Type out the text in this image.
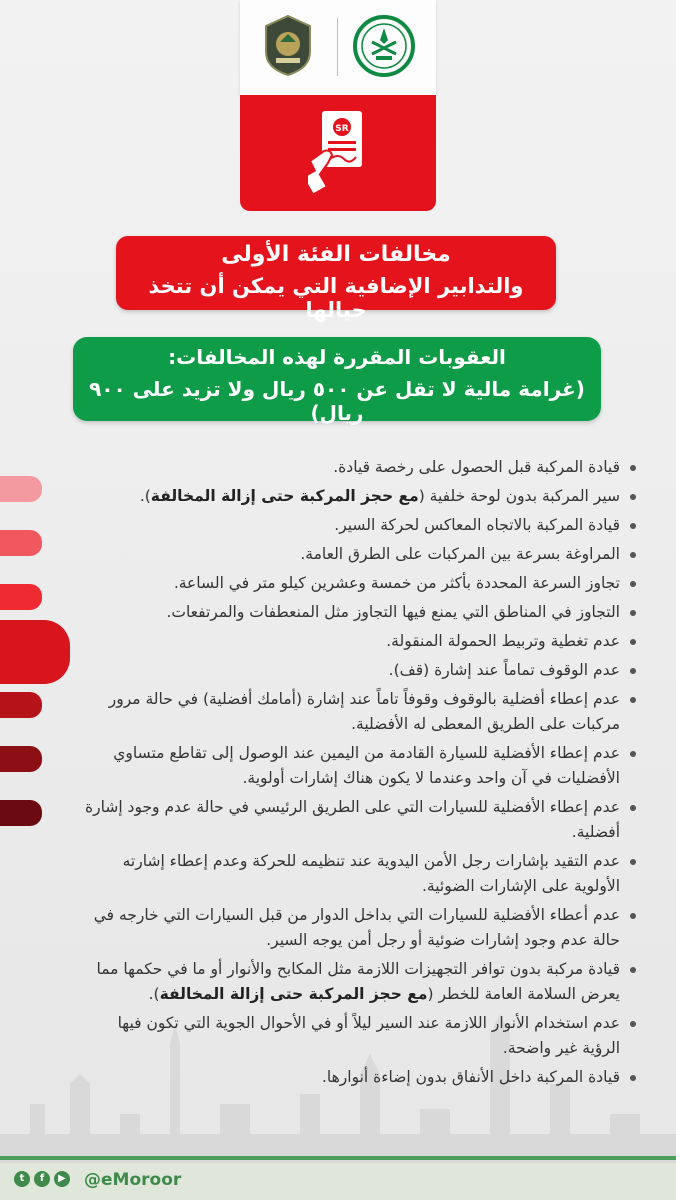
SR
مخالفات الفئة الأولى
والتدابير الإضافية التي يمكن أن تتخذ حيالها
العقوبات المقررة لهذه المخالفات:
(غرامة مالية لا تقل عن ٥٠٠ ريال ولا تزيد على ٩٠٠ ريال)
قيادة المركبة قبل الحصول على رخصة قيادة.
سير المركبة بدون لوحة خلفية (مع حجز المركبة حتى إزالة المخالفة).
قيادة المركبة بالاتجاه المعاكس لحركة السير.
المراوغة بسرعة بين المركبات على الطرق العامة.
تجاوز السرعة المحددة بأكثر من خمسة وعشرين كيلو متر في الساعة.
التجاوز في المناطق التي يمنع فيها التجاوز مثل المنعطفات والمرتفعات.
عدم تغطية وتربيط الحمولة المنقولة.
عدم الوقوف تماماً عند إشارة (قف).
عدم إعطاء أفضلية بالوقوف وقوفاً تاماً عند إشارة (أمامك أفضلية) في حالة مرور مركبات على الطريق المعطى له الأفضلية.
عدم إعطاء الأفضلية للسيارة القادمة من اليمين عند الوصول إلى تقاطع متساوي الأفضليات في آن واحد وعندما لا يكون هناك إشارات أولوية.
عدم إعطاء الأفضلية للسيارات التي على الطريق الرئيسي في حالة عدم وجود إشارة أفضلية.
عدم التقيد بإشارات رجل الأمن اليدوية عند تنظيمه للحركة وعدم إعطاء إشارته الأولوية على الإشارات الضوئية.
عدم أعطاء الأفضلية للسيارات التي بداخل الدوار من قبل السيارات التي خارجه في حالة عدم وجود إشارات ضوئية أو رجل أمن يوجه السير.
قيادة مركبة بدون توافر التجهيزات اللازمة مثل المكابح والأنوار أو ما في حكمها مما يعرض السلامة العامة للخطر (مع حجز المركبة حتى إزالة المخالفة).
عدم استخدام الأنوار اللازمة عند السير ليلاً أو في الأحوال الجوية التي تكون فيها الرؤية غير واضحة.
قيادة المركبة داخل الأنفاق بدون إضاءة أنوارها.
t	f	▶ @eMoroor
